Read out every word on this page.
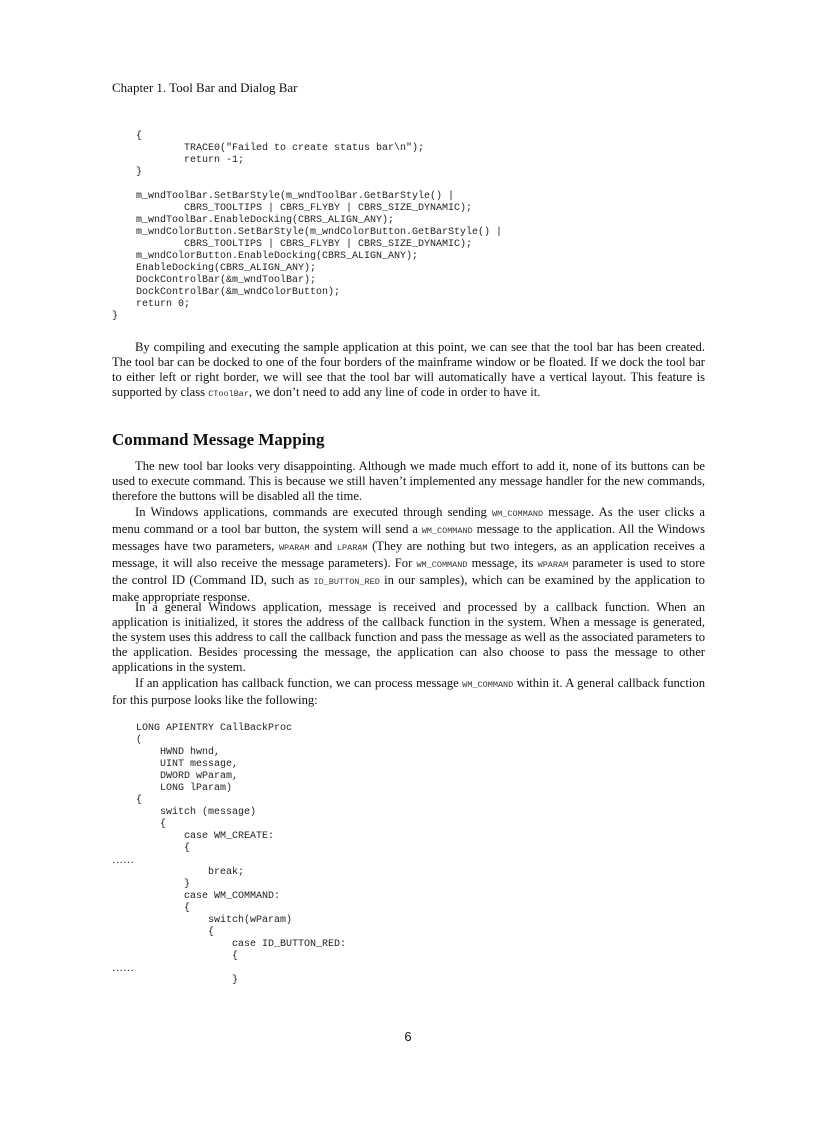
Chapter 1. Tool Bar and Dialog Bar
{
TRACE0("Failed to create status bar\n");
return -1;
}

m_wndToolBar.SetBarStyle(m_wndToolBar.GetBarStyle() |
CBRS_TOOLTIPS | CBRS_FLYBY | CBRS_SIZE_DYNAMIC);
m_wndToolBar.EnableDocking(CBRS_ALIGN_ANY);
m_wndColorButton.SetBarStyle(m_wndColorButton.GetBarStyle() |
CBRS_TOOLTIPS | CBRS_FLYBY | CBRS_SIZE_DYNAMIC);
m_wndColorButton.EnableDocking(CBRS_ALIGN_ANY);
EnableDocking(CBRS_ALIGN_ANY);
DockControlBar(&m_wndToolBar);
DockControlBar(&m_wndColorButton);
return 0;
}

By compiling and executing the sample application at this point, we can see that the tool bar has been created. The tool bar can be docked to one of the four borders of the mainframe window or be floated. If we dock the tool bar to either left or right border, we will see that the tool bar will automatically have a vertical layout. This feature is supported by class CToolBar, we don’t need to add any line of code in order to have it.

Command Message Mapping

The new tool bar looks very disappointing. Although we made much effort to add it, none of its buttons can be used to execute command. This is because we still haven’t implemented any message handler for the new commands, therefore the buttons will be disabled all the time.

In Windows applications, commands are executed through sending WM_COMMAND message. As the user clicks a menu command or a tool bar button, the system will send a WM_COMMAND message to the application. All the Windows messages have two parameters, WPARAM and LPARAM (They are nothing but two integers, as an application receives a message, it will also receive the message parameters). For WM_COMMAND message, its WPARAM parameter is used to store the control ID (Command ID, such as ID_BUTTON_RED in our samples), which can be examined by the application to make appropriate response.

In a general Windows application, message is received and processed by a callback function. When an application is initialized, it stores the address of the callback function in the system. When a message is generated, the system uses this address to call the callback function and pass the message as well as the associated parameters to the application. Besides processing the message, the application can also choose to pass the message to other applications in the system.

If an application has callback function, we can process message WM_COMMAND within it. A general callback function for this purpose looks like the following:

LONG APIENTRY CallBackProc
(
HWND hwnd,
UINT message,
DWORD wParam,
LONG lParam)
{
switch (message)
{
case WM_CREATE:
{

break;
}
case WM_COMMAND:
{
switch(wParam)
{
case ID_BUTTON_RED:
{

}
……
……
6
